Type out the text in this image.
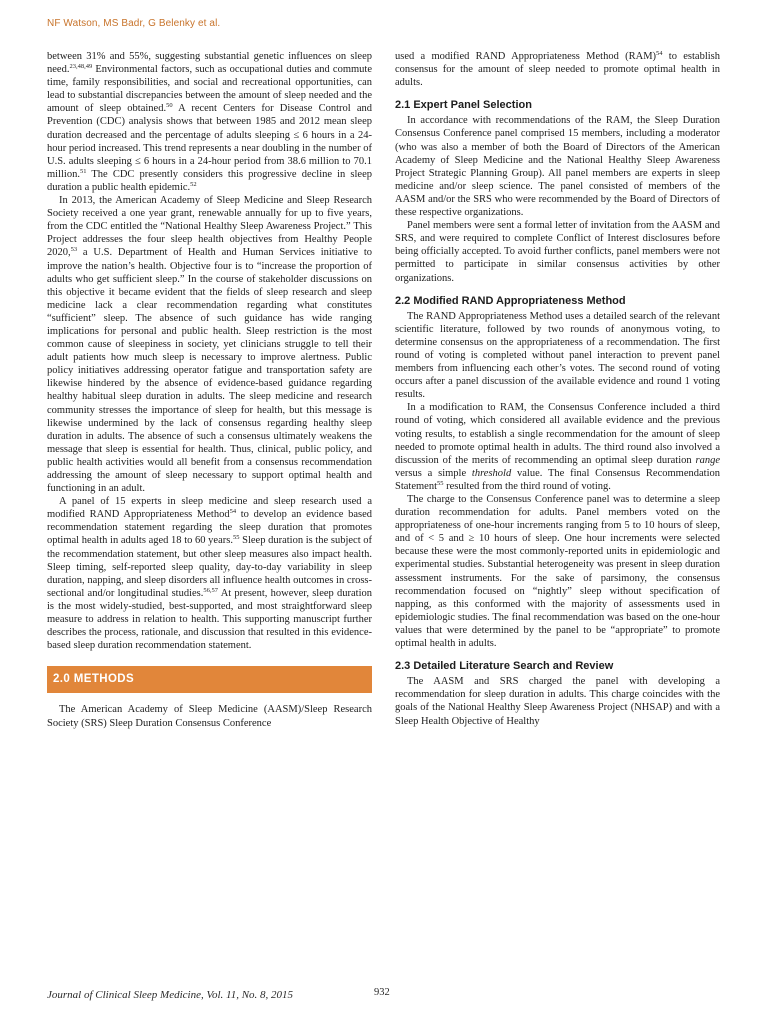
NF Watson, MS Badr, G Belenky et al.

between 31% and 55%, suggesting substantial genetic influences on sleep need.$^{23,48,49}$ Environmental factors, such as occupational duties and commute time, family responsibilities, and social and recreational opportunities, can lead to substantial discrepancies between the amount of sleep needed and the amount of sleep obtained.$^{50}$ A recent Centers for Disease Control and Prevention (CDC) analysis shows that between 1985 and 2012 mean sleep duration decreased and the percentage of adults sleeping ≤ 6 hours in a 24-hour period increased. This trend represents a near doubling in the number of U.S. adults sleeping ≤ 6 hours in a 24-hour period from 38.6 million to 70.1 million.$^{51}$ The CDC presently considers this progressive decline in sleep duration a public health epidemic.$^{52}$

In 2013, the American Academy of Sleep Medicine and Sleep Research Society received a one year grant, renewable annually for up to five years, from the CDC entitled the “National Healthy Sleep Awareness Project.” This Project addresses the four sleep health objectives from Healthy People 2020,53 a U.S. Department of Health and Human Services initiative to improve the nation’s health. Objective four is to “increase the proportion of adults who get sufficient sleep.” In the course of stakeholder discussions on this objective it became evident that the fields of sleep research and sleep medicine lack a clear recommendation regarding what constitutes “sufficient” sleep. The absence of such guidance has wide ranging implications for personal and public health. Sleep restriction is the most common cause of sleepiness in society, yet clinicians struggle to tell their adult patients how much sleep is necessary to improve alertness. Public policy initiatives addressing operator fatigue and transportation safety are likewise hindered by the absence of evidence-based guidance regarding healthy habitual sleep duration in adults. The sleep medicine and research community stresses the importance of sleep for health, but this message is likewise undermined by the lack of consensus regarding healthy sleep duration in adults. The absence of such a consensus ultimately weakens the message that sleep is essential for health. Thus, clinical, public policy, and public health activities would all benefit from a consensus recommendation addressing the amount of sleep necessary to support optimal health and functioning in an adult.

A panel of 15 experts in sleep medicine and sleep research used a modified RAND Appropriateness Method$^{54}$ to develop an evidence based recommendation statement regarding the sleep duration that promotes optimal health in adults aged 18 to 60 years.$^{55}$ Sleep duration is the subject of the recommendation statement, but other sleep measures also impact health. Sleep timing, self-reported sleep quality, day-to-day variability in sleep duration, napping, and sleep disorders all influence health outcomes in cross-sectional and/or longitudinal studies.$^{56,57}$ At present, however, sleep duration is the most widely-studied, best-supported, and most straightforward sleep measure to address in relation to health. This supporting manuscript further describes the process, rationale, and discussion that resulted in this evidence-based sleep duration recommendation statement.

2.0 METHODS

The American Academy of Sleep Medicine (AASM)/Sleep Research Society (SRS) Sleep Duration Consensus Conference

used a modified RAND Appropriateness Method (RAM)$^{54}$ to establish consensus for the amount of sleep needed to promote optimal health in adults.

2.1 Expert Panel Selection

In accordance with recommendations of the RAM, the Sleep Duration Consensus Conference panel comprised 15 members, including a moderator (who was also a member of both the Board of Directors of the American Academy of Sleep Medicine and the National Healthy Sleep Awareness Project Strategic Planning Group). All panel members are experts in sleep medicine and/or sleep science. The panel consisted of members of the AASM and/or the SRS who were recommended by the Board of Directors of these respective organizations.

Panel members were sent a formal letter of invitation from the AASM and SRS, and were required to complete Conflict of Interest disclosures before being officially accepted. To avoid further conflicts, panel members were not permitted to participate in similar consensus activities by other organizations.

2.2 Modified RAND Appropriateness Method

The RAND Appropriateness Method uses a detailed search of the relevant scientific literature, followed by two rounds of anonymous voting, to determine consensus on the appropriateness of a recommendation. The first round of voting is completed without panel interaction to prevent panel members from influencing each other’s votes. The second round of voting occurs after a panel discussion of the available evidence and round 1 voting results.

In a modification to RAM, the Consensus Conference included a third round of voting, which considered all available evidence and the previous voting results, to establish a single recommendation for the amount of sleep needed to promote optimal health in adults. The third round also involved a discussion of the merits of recommending an optimal sleep duration range versus a simple threshold value. The final Consensus Recommendation Statement$^{55}$ resulted from the third round of voting.

The charge to the Consensus Conference panel was to determine a sleep duration recommendation for adults. Panel members voted on the appropriateness of one-hour increments ranging from 5 to 10 hours of sleep, and of < 5 and ≥ 10 hours of sleep. One hour increments were selected because these were the most commonly-reported units in epidemiologic and experimental studies. Substantial heterogeneity was present in sleep duration assessment instruments. For the sake of parsimony, the consensus recommendation focused on “nightly” sleep without specification of napping, as this conformed with the majority of assessments used in epidemiologic studies. The final recommendation was based on the one-hour values that were determined by the panel to be “appropriate” to promote optimal health in adults.

2.3 Detailed Literature Search and Review

The AASM and SRS charged the panel with developing a recommendation for sleep duration in adults. This charge coincides with the goals of the National Healthy Sleep Awareness Project (NHSAP) and with a Sleep Health Objective of Healthy

Journal of Clinical Sleep Medicine, Vol. 11, No. 8, 2015	932
